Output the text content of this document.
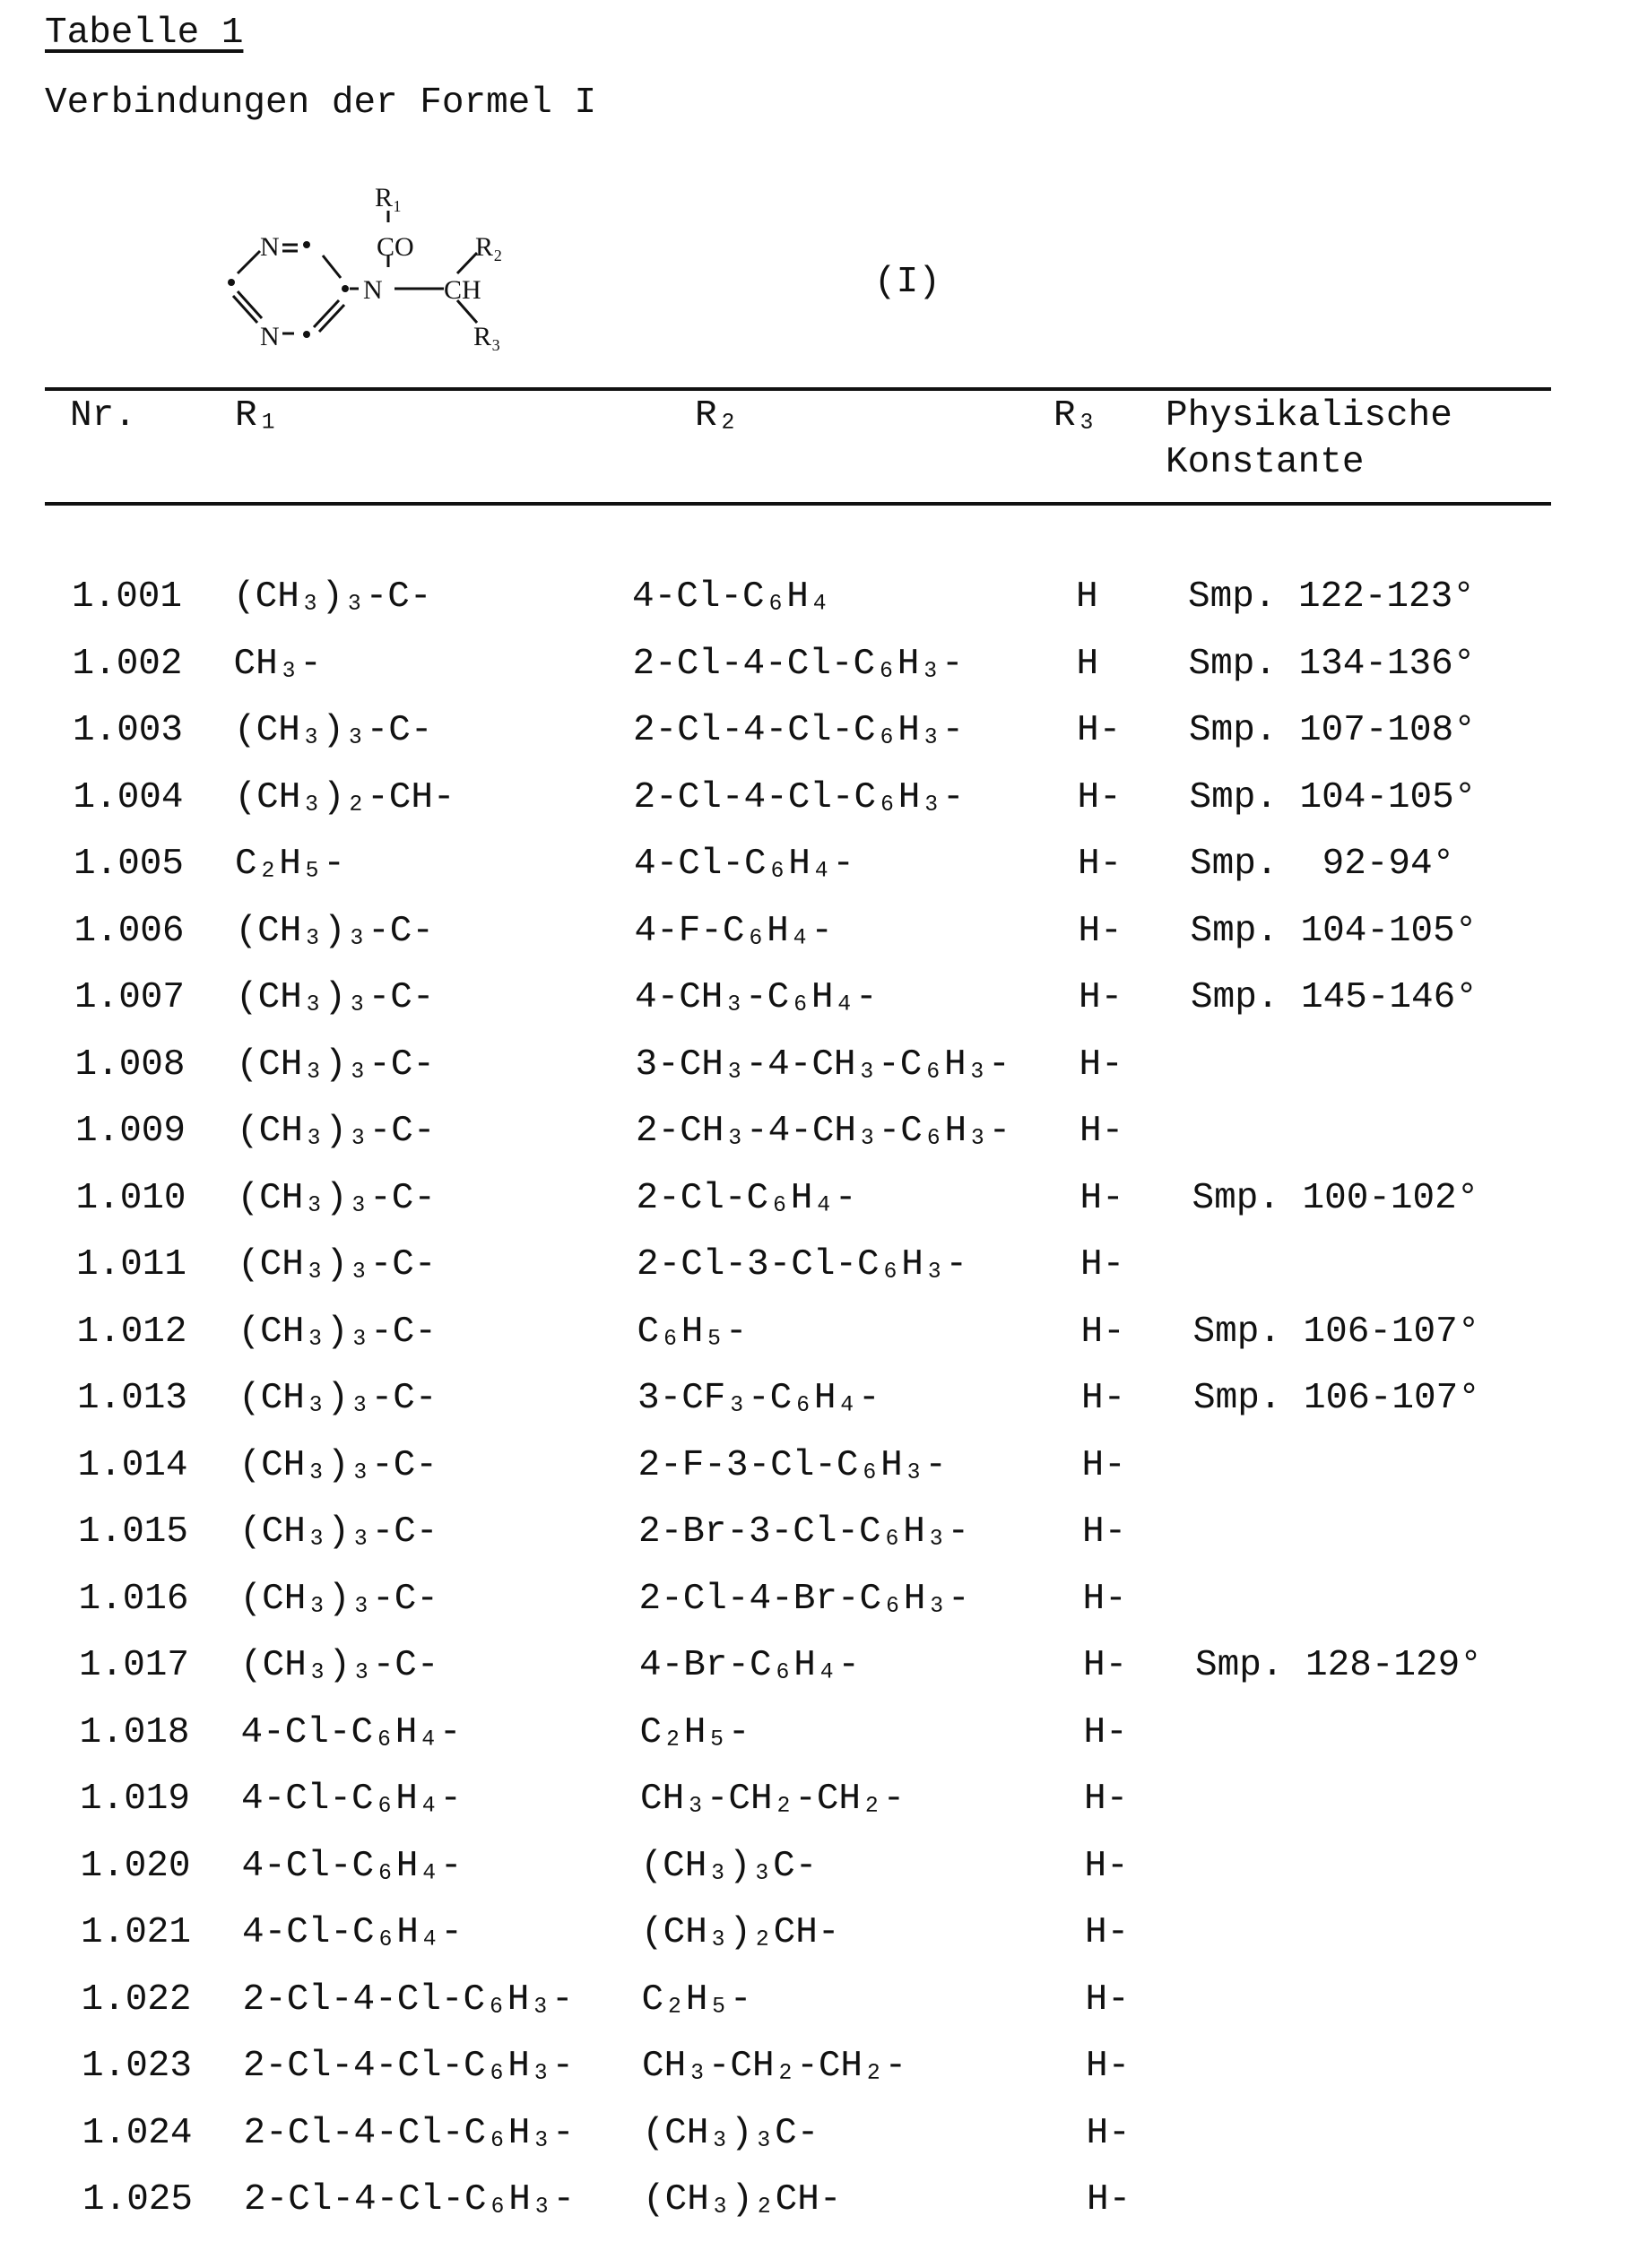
Tabelle 1
Verbindungen der Formel I
N
N
N
CO
R₁
CH
R₂
R₃
(I)
Nr.	R₁	R₂	R₃ Physikalische
Konstante
1.001 (CH₃)₃-C-	4-Cl-C₆H₄	H Smp. 122-123°
1.002 CH₃-	2-Cl-4-Cl-C₆H₃-	H Smp. 134-136°
1.003 (CH₃)₃-C-	2-Cl-4-Cl-C₆H₃-	H- Smp. 107-108°
1.004 (CH₃)₂-CH-	2-Cl-4-Cl-C₆H₃-	H- Smp. 104-105°
1.005 C₂H₅-	4-Cl-C₆H₄-	H- Smp.  92-94°
1.006 (CH₃)₃-C-	4-F-C₆H₄-	H- Smp. 104-105°
1.007 (CH₃)₃-C-	4-CH₃-C₆H₄-	H- Smp. 145-146°
1.008 (CH₃)₃-C-	3-CH₃-4-CH₃-C₆H₃- H-
1.009 (CH₃)₃-C-	2-CH₃-4-CH₃-C₆H₃- H-
1.010 (CH₃)₃-C-	2-Cl-C₆H₄-	H- Smp. 100-102°
1.011 (CH₃)₃-C-	2-Cl-3-Cl-C₆H₃-	H-
1.012 (CH₃)₃-C-	C₆H₅-	H- Smp. 106-107°
1.013 (CH₃)₃-C-	3-CF₃-C₆H₄-	H- Smp. 106-107°
1.014 (CH₃)₃-C-	2-F-3-Cl-C₆H₃-	H-
1.015 (CH₃)₃-C-	2-Br-3-Cl-C₆H₃-	H-
1.016 (CH₃)₃-C-	2-Cl-4-Br-C₆H₃-	H-
1.017 (CH₃)₃-C-	4-Br-C₆H₄-	H- Smp. 128-129°
1.018 4-Cl-C₆H₄-	C₂H₅-	H-
1.019 4-Cl-C₆H₄-	CH₃-CH₂-CH₂-	H-
1.020 4-Cl-C₆H₄-	(CH₃)₃C-	H-
1.021 4-Cl-C₆H₄-	(CH₃)₂CH-	H-
1.022 2-Cl-4-Cl-C₆H₃- C₂H₅-	H-
1.023 2-Cl-4-Cl-C₆H₃- CH₃-CH₂-CH₂-	H-
1.024 2-Cl-4-Cl-C₆H₃- (CH₃)₃C-	H-
1.025 2-Cl-4-Cl-C₆H₃- (CH₃)₂CH-	H-
